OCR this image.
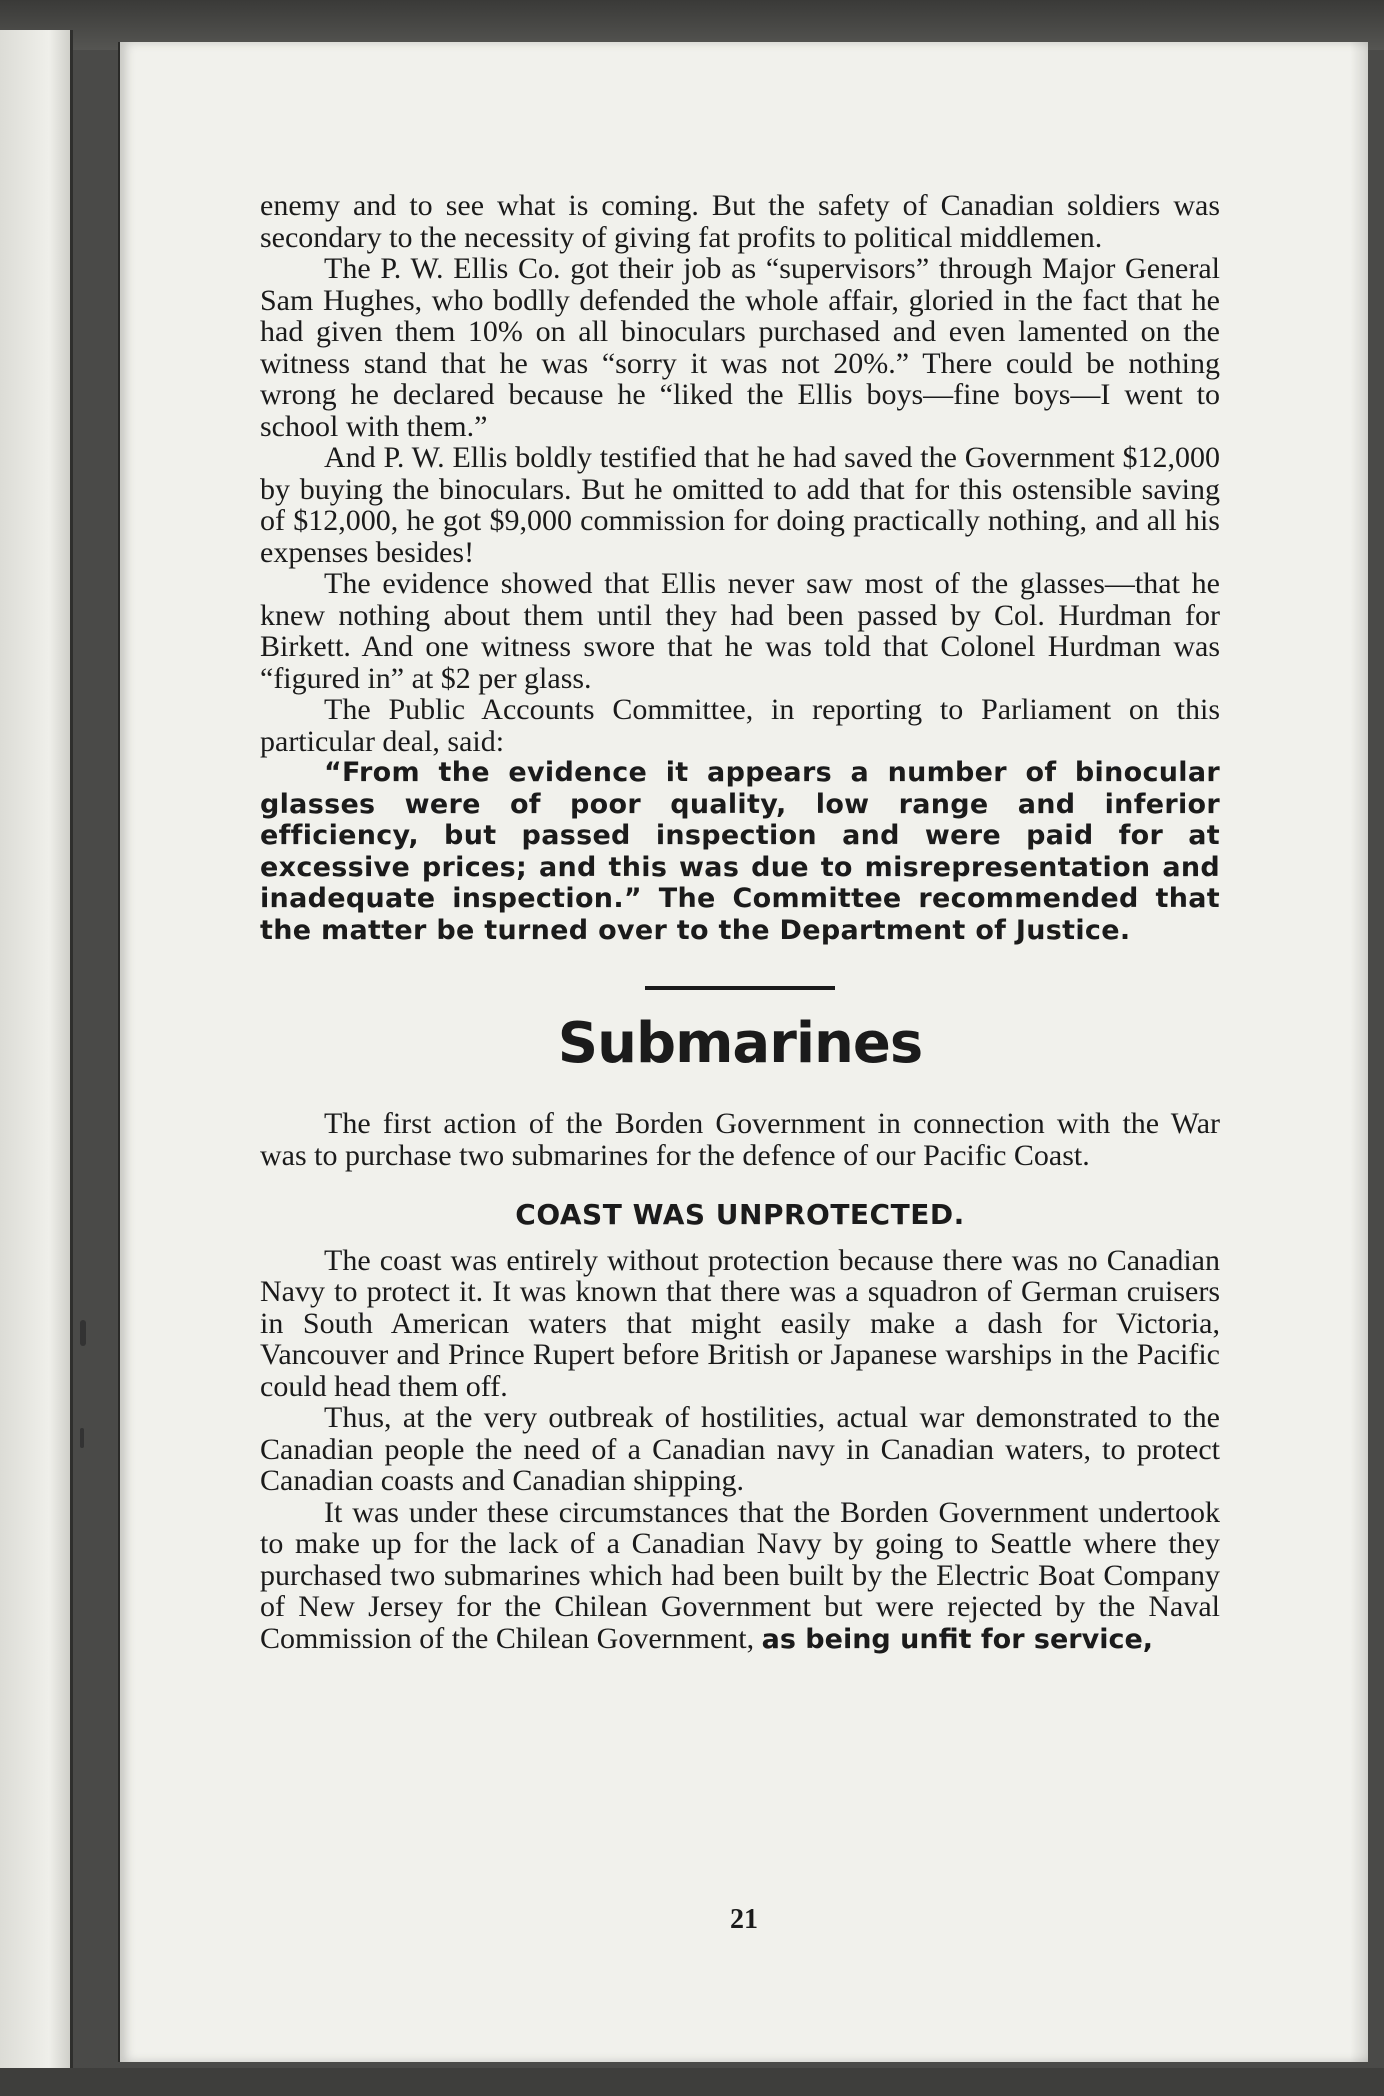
enemy and to see what is coming. But the safety of Canadian soldiers was secondary to the necessity of giving fat profits to political middlemen.

The P. W. Ellis Co. got their job as “supervisors” through Major General Sam Hughes, who bodlly defended the whole affair, gloried in the fact that he had given them 10% on all binoculars purchased and even lamented on the witness stand that he was “sorry it was not 20%.” There could be nothing wrong he declared because he “liked the Ellis boys—fine boys—I went to school with them.”

And P. W. Ellis boldly testified that he had saved the Government $12,000 by buying the binoculars. But he omitted to add that for this ostensible saving of $12,000, he got $9,000 commission for doing practically nothing, and all his expenses besides!

The evidence showed that Ellis never saw most of the glasses—that he knew nothing about them until they had been passed by Col. Hurdman for Birkett. And one witness swore that he was told that Colonel Hurdman was “figured in” at $2 per glass.

The Public Accounts Committee, in reporting to Parliament on this particular deal, said:

“From the evidence it appears a number of binocular glasses were of poor quality, low range and inferior efficiency, but passed inspection and were paid for at excessive prices; and this was due to misrepresentation and inadequate inspection.” The Committee recommended that the matter be turned over to the Department of Justice.

Submarines

The first action of the Borden Government in connection with the War was to purchase two submarines for the defence of our Pacific Coast.

COAST WAS UNPROTECTED.

The coast was entirely without protection because there was no Canadian Navy to protect it. It was known that there was a squadron of German cruisers in South American waters that might easily make a dash for Victoria, Vancouver and Prince Rupert before British or Japanese warships in the Pacific could head them off.

Thus, at the very outbreak of hostilities, actual war demonstrated to the Canadian people the need of a Canadian navy in Canadian waters, to protect Canadian coasts and Canadian shipping.

It was under these circumstances that the Borden Government undertook to make up for the lack of a Canadian Navy by going to Seattle where they purchased two submarines which had been built by the Electric Boat Company of New Jersey for the Chilean Government but were rejected by the Naval Commission of the Chilean Government, as being unfit for service,

21
